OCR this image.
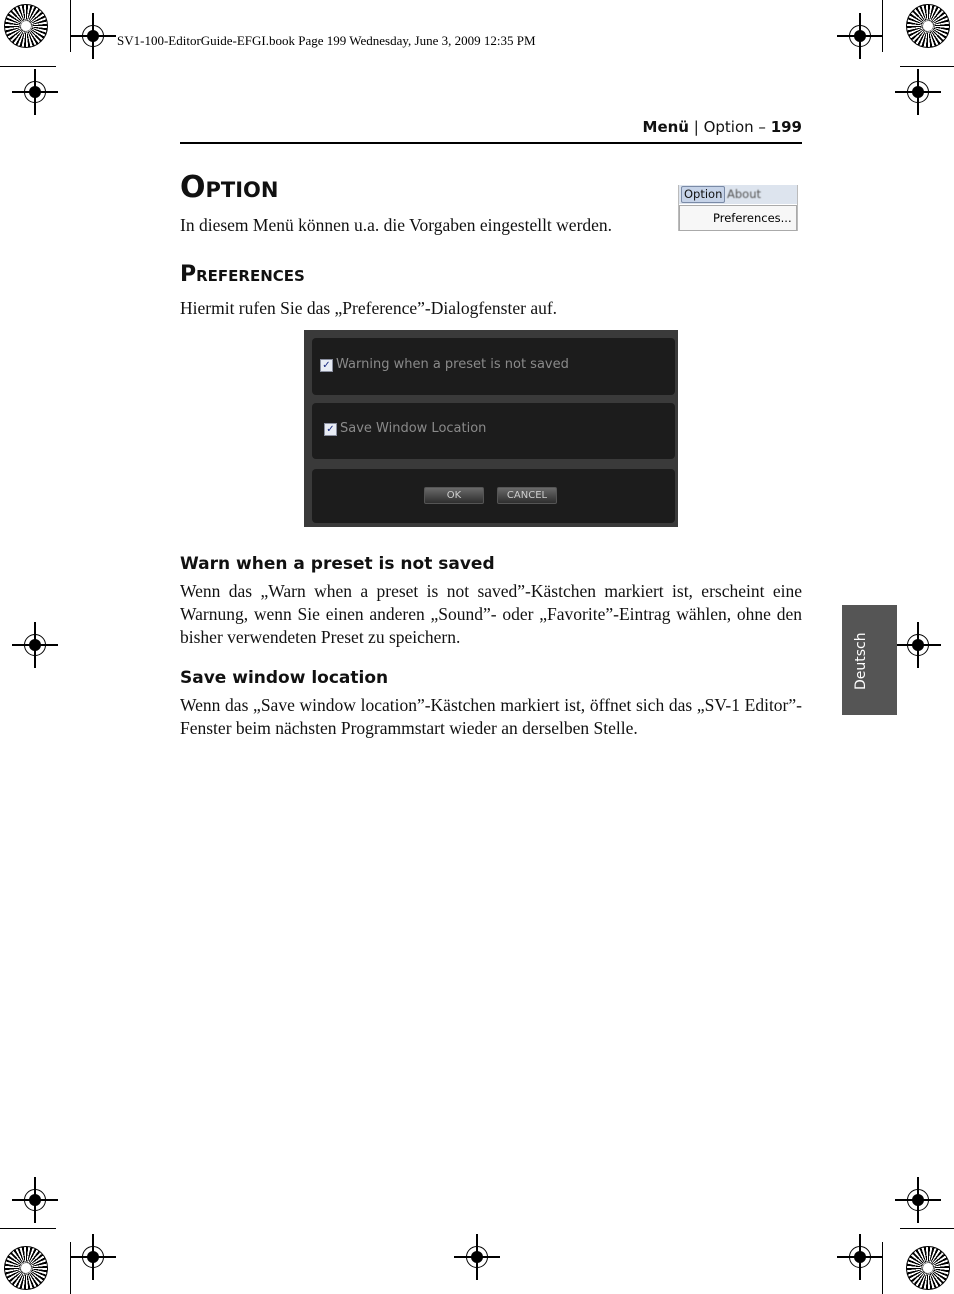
SV1-100-EditorGuide-EFGI.book Page 199 Wednesday, June 3, 2009 12:35 PM
Menü | Option – 199
Option
In diesem Menü können u.a. die Vorgaben eingestellt werden.
Option About
Preferences...
Preferences
Hiermit rufen Sie das „Preference”-Dialogfenster auf.
✓ Warning when a preset is not saved
✓ Save Window Location
OK	CANCEL
Warn when a preset is not saved
Wenn das „Warn when a preset is not saved”-Kästchen markiert ist, erscheint eine Warnung, wenn Sie einen anderen „Sound”- oder „Favorite”-Eintrag wählen, ohne den bisher verwendeten Preset zu speichern.
Save window location
Wenn das „Save window location”-Kästchen markiert ist, öffnet sich das „SV-1 Editor”-Fenster beim nächsten Programmstart wieder an derselben Stelle.
Deutsch
